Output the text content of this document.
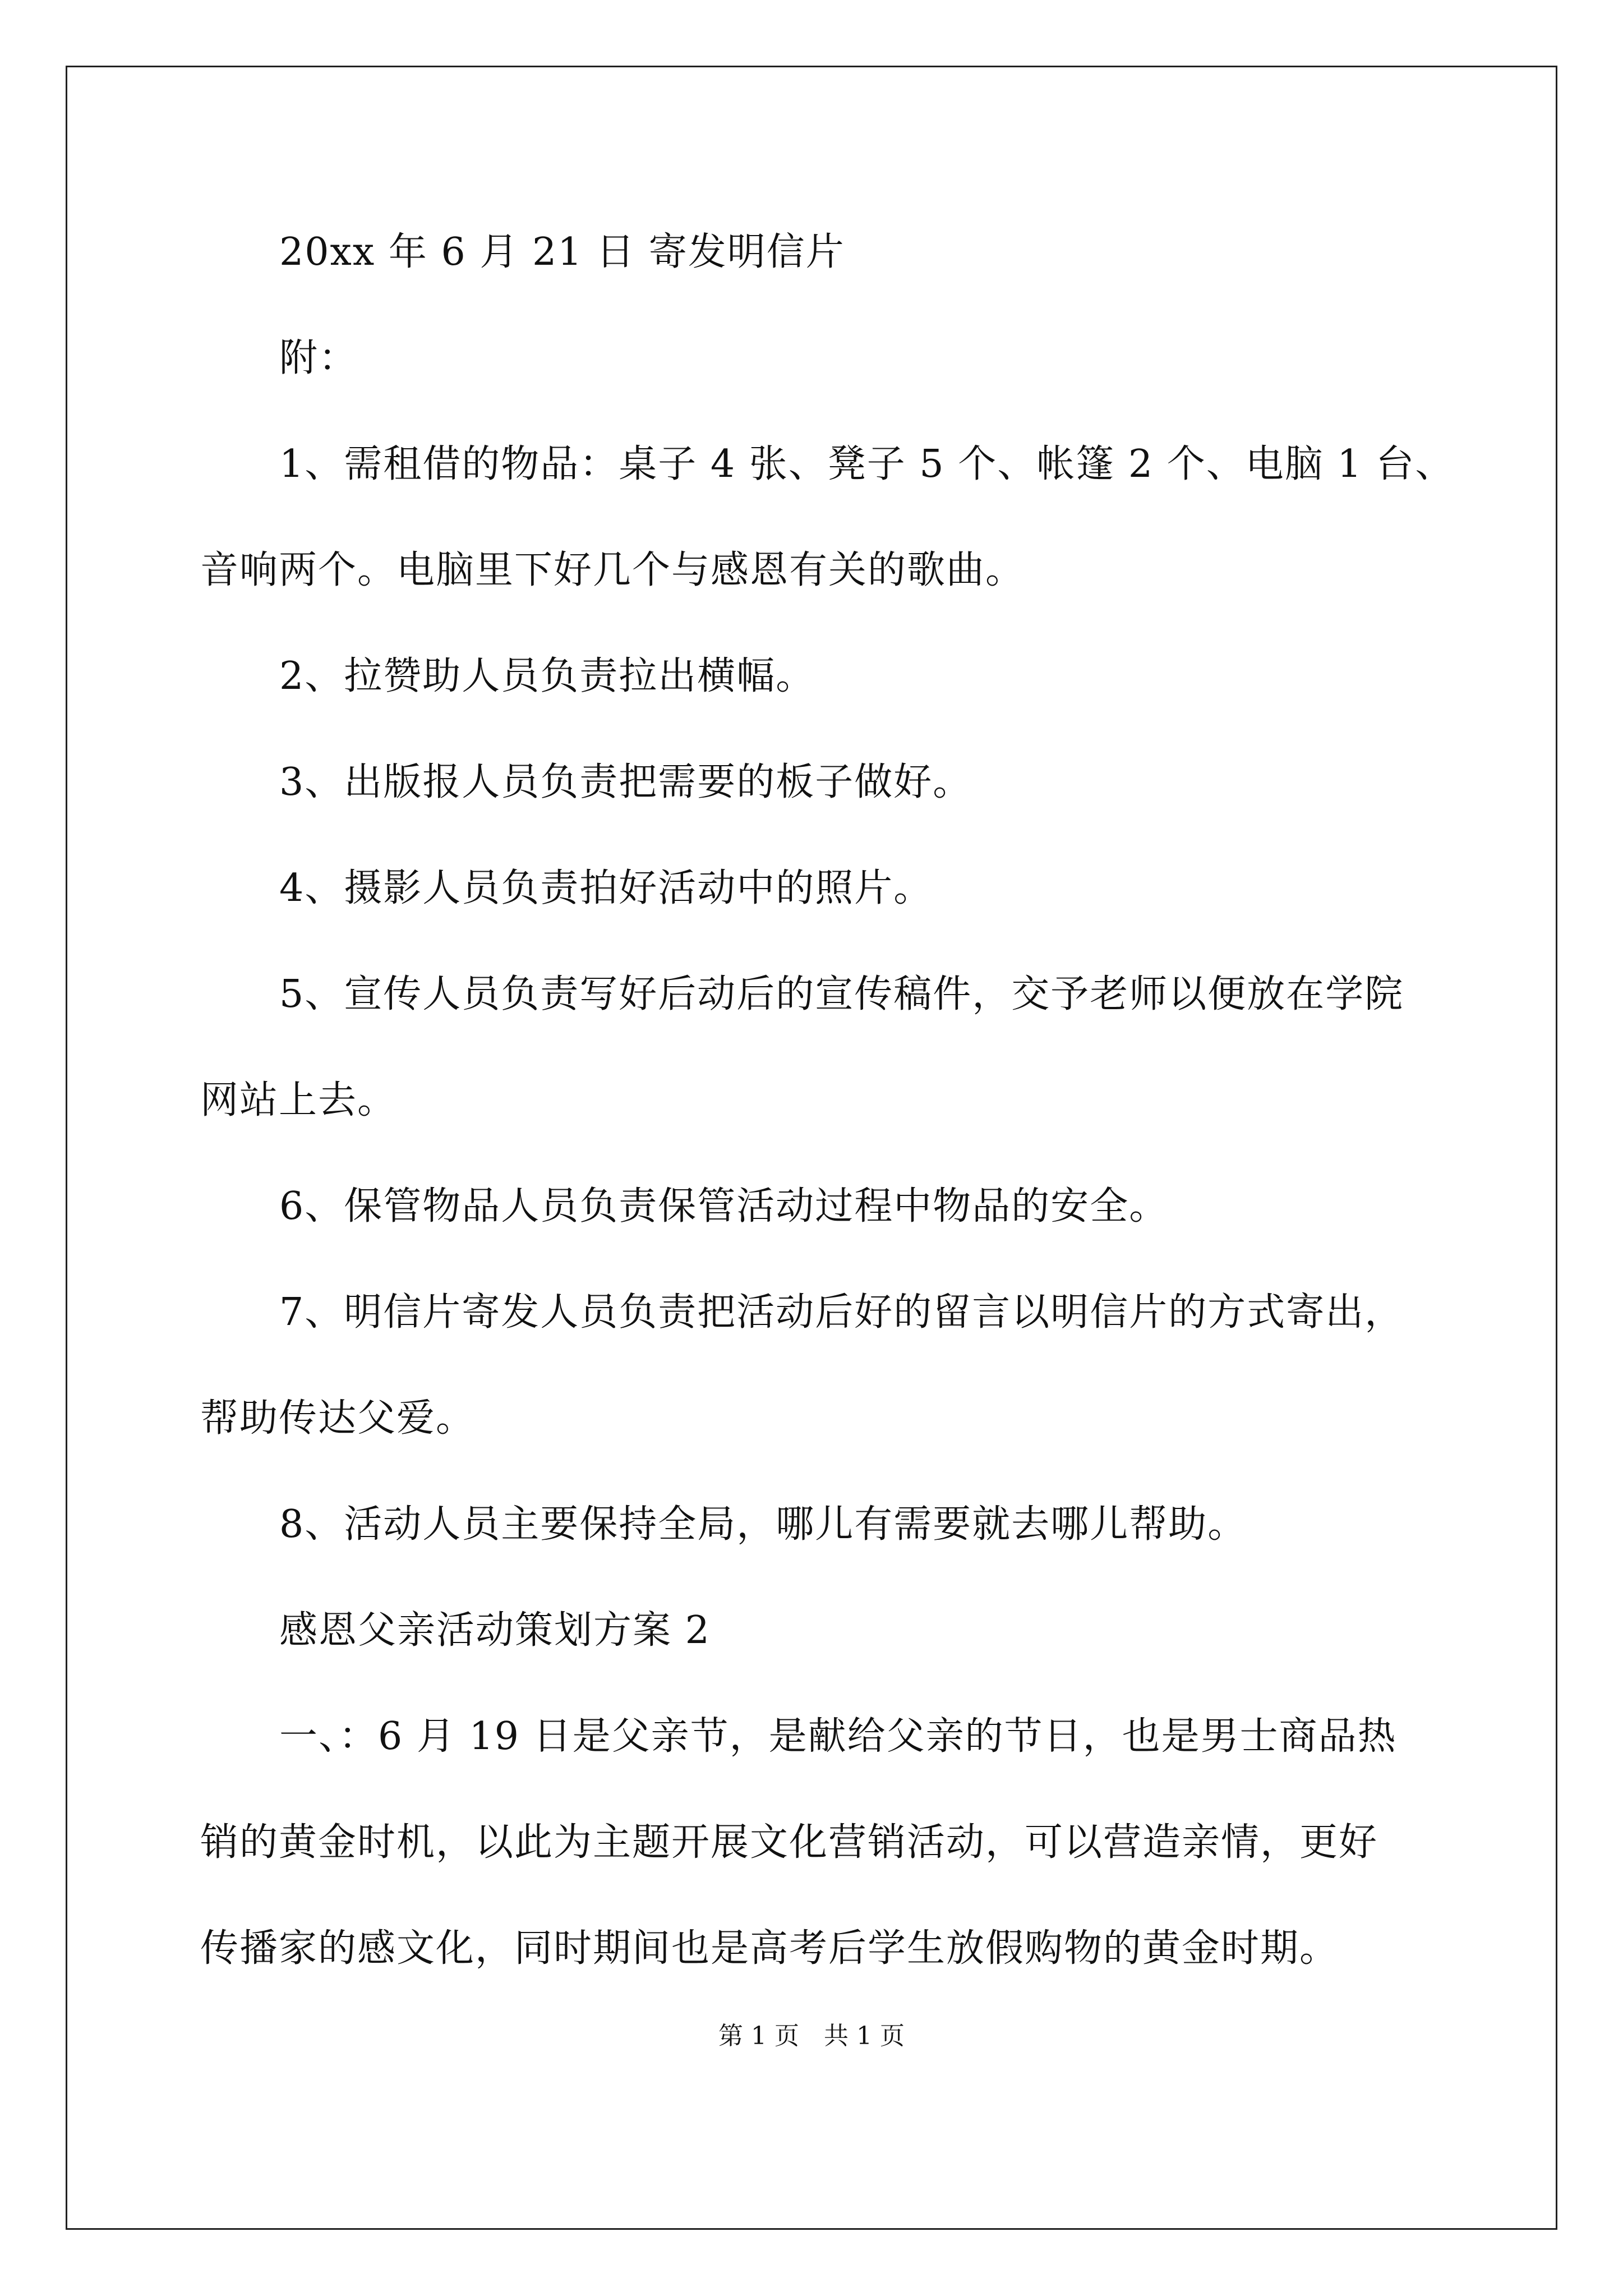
20xx 年 6 月 21 日 寄发明信片
附：
1、需租借的物品：桌子 4 张、凳子 5 个、帐篷 2 个、电脑 1 台、
音响两个。电脑里下好几个与感恩有关的歌曲。
2、拉赞助人员负责拉出横幅。
3、出版报人员负责把需要的板子做好。
4、摄影人员负责拍好活动中的照片。
5、宣传人员负责写好后动后的宣传稿件，交予老师以便放在学院
网站上去。
6、保管物品人员负责保管活动过程中物品的安全。
7、明信片寄发人员负责把活动后好的留言以明信片的方式寄出，
帮助传达父爱。
8、活动人员主要保持全局，哪儿有需要就去哪儿帮助。
感恩父亲活动策划方案 2
一、：6 月 19 日是父亲节，是献给父亲的节日，也是男士商品热
销的黄金时机，以此为主题开展文化营销活动，可以营造亲情，更好
传播家的感文化，同时期间也是高考后学生放假购物的黄金时期。
第 1 页　共 1 页
